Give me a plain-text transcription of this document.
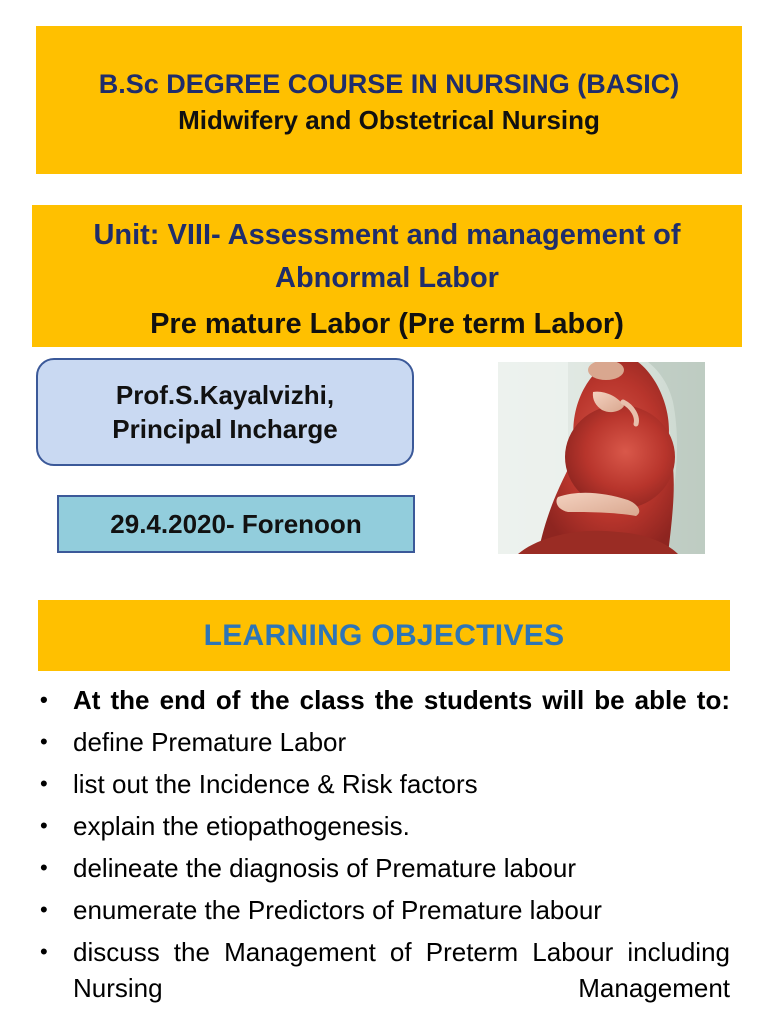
B.Sc DEGREE COURSE IN NURSING (BASIC)
Midwifery and Obstetrical Nursing
Unit: VIII- Assessment and management of Abnormal Labor
Pre mature Labor (Pre term Labor)
Prof.S.Kayalvizhi,
Principal Incharge
29.4.2020- Forenoon
LEARNING OBJECTIVES
• At the end of the class the students will be able to:
• define Premature Labor
• list out the Incidence & Risk factors
• explain the etiopathogenesis.
• delineate the diagnosis of Premature labour
• enumerate the Predictors of Premature labour
• discuss the Management of Preterm Labour including Nursing Management
